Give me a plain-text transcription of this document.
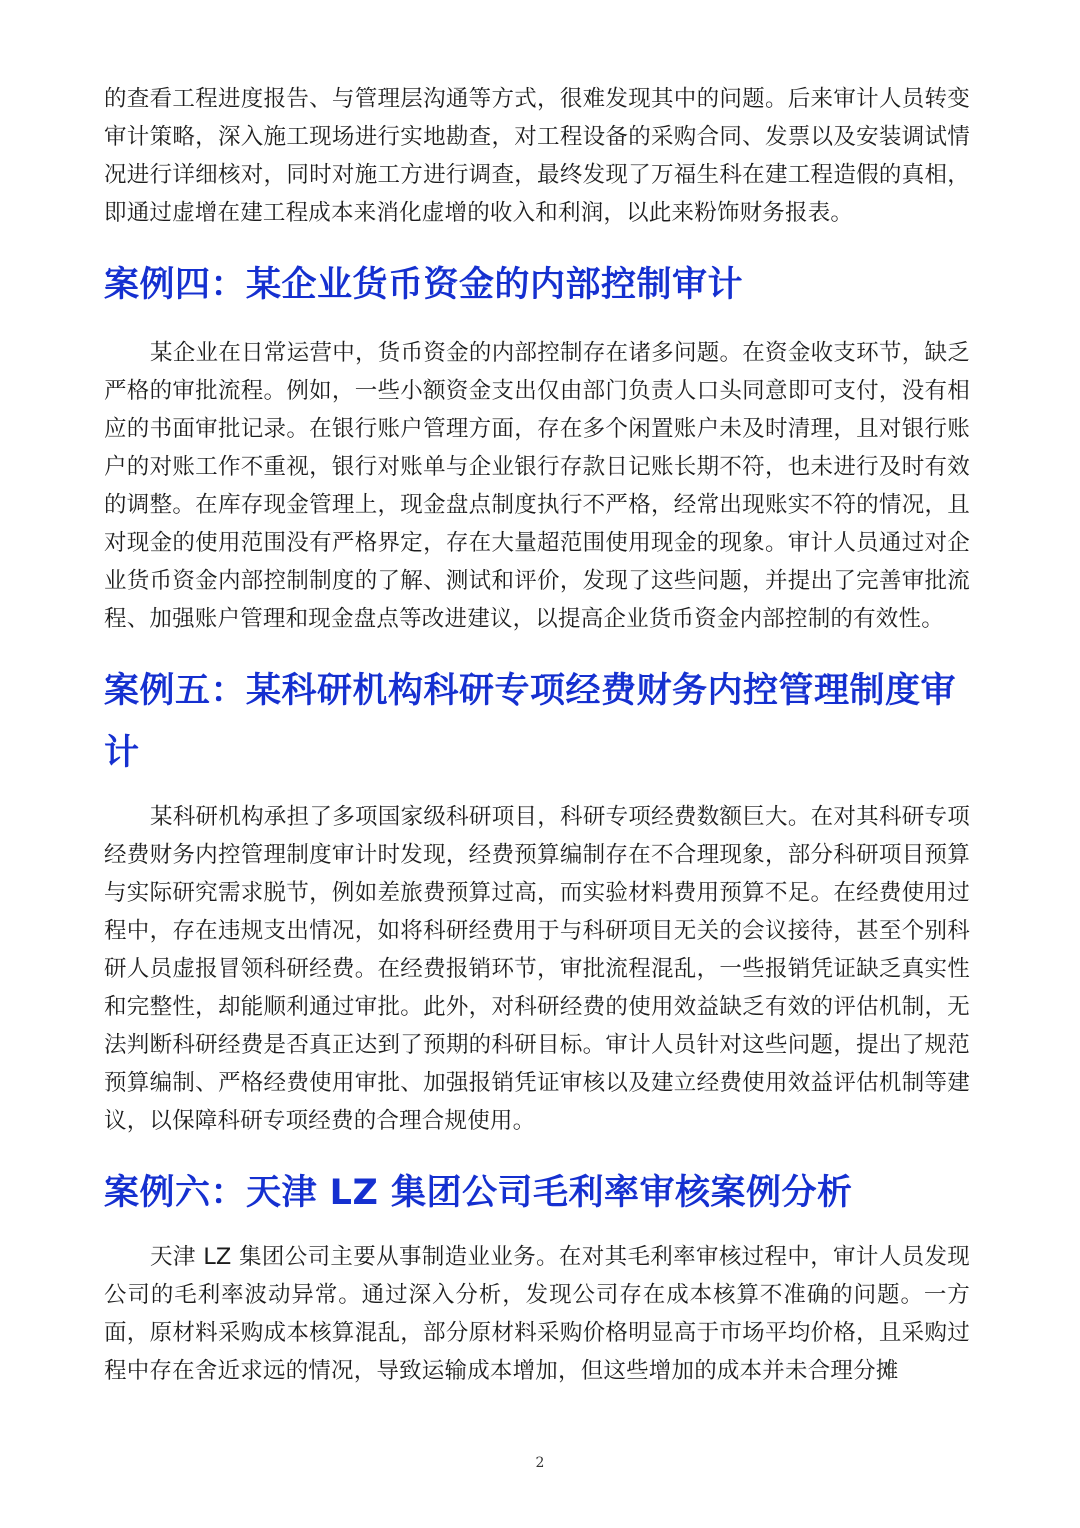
的查看工程进度报告、与管理层沟通等方式，很难发现其中的问题。后来审计人员转变审计策略，深入施工现场进行实地勘查，对工程设备的采购合同、发票以及安装调试情况进行详细核对，同时对施工方进行调查，最终发现了万福生科在建工程造假的真相，即通过虚增在建工程成本来消化虚增的收入和利润，以此来粉饰财务报表。

案例四：某企业货币资金的内部控制审计

某企业在日常运营中，货币资金的内部控制存在诸多问题。在资金收支环节，缺乏严格的审批流程。例如，一些小额资金支出仅由部门负责人口头同意即可支付，没有相应的书面审批记录。在银行账户管理方面，存在多个闲置账户未及时清理，且对银行账户的对账工作不重视，银行对账单与企业银行存款日记账长期不符，也未进行及时有效的调整。在库存现金管理上，现金盘点制度执行不严格，经常出现账实不符的情况，且对现金的使用范围没有严格界定，存在大量超范围使用现金的现象。审计人员通过对企业货币资金内部控制制度的了解、测试和评价，发现了这些问题，并提出了完善审批流程、加强账户管理和现金盘点等改进建议，以提高企业货币资金内部控制的有效性。

案例五：某科研机构科研专项经费财务内控管理制度审计

某科研机构承担了多项国家级科研项目，科研专项经费数额巨大。在对其科研专项经费财务内控管理制度审计时发现，经费预算编制存在不合理现象，部分科研项目预算与实际研究需求脱节，例如差旅费预算过高，而实验材料费用预算不足。在经费使用过程中，存在违规支出情况，如将科研经费用于与科研项目无关的会议接待，甚至个别科研人员虚报冒领科研经费。在经费报销环节，审批流程混乱，一些报销凭证缺乏真实性和完整性，却能顺利通过审批。此外，对科研经费的使用效益缺乏有效的评估机制，无法判断科研经费是否真正达到了预期的科研目标。审计人员针对这些问题，提出了规范预算编制、严格经费使用审批、加强报销凭证审核以及建立经费使用效益评估机制等建议，以保障科研专项经费的合理合规使用。

案例六：天津 LZ 集团公司毛利率审核案例分析

天津 LZ 集团公司主要从事制造业业务。在对其毛利率审核过程中，审计人员发现公司的毛利率波动异常。通过深入分析，发现公司存在成本核算不准确的问题。一方面，原材料采购成本核算混乱，部分原材料采购价格明显高于市场平均价格，且采购过程中存在舍近求远的情况，导致运输成本增加，但这些增加的成本并未合理分摊

2
